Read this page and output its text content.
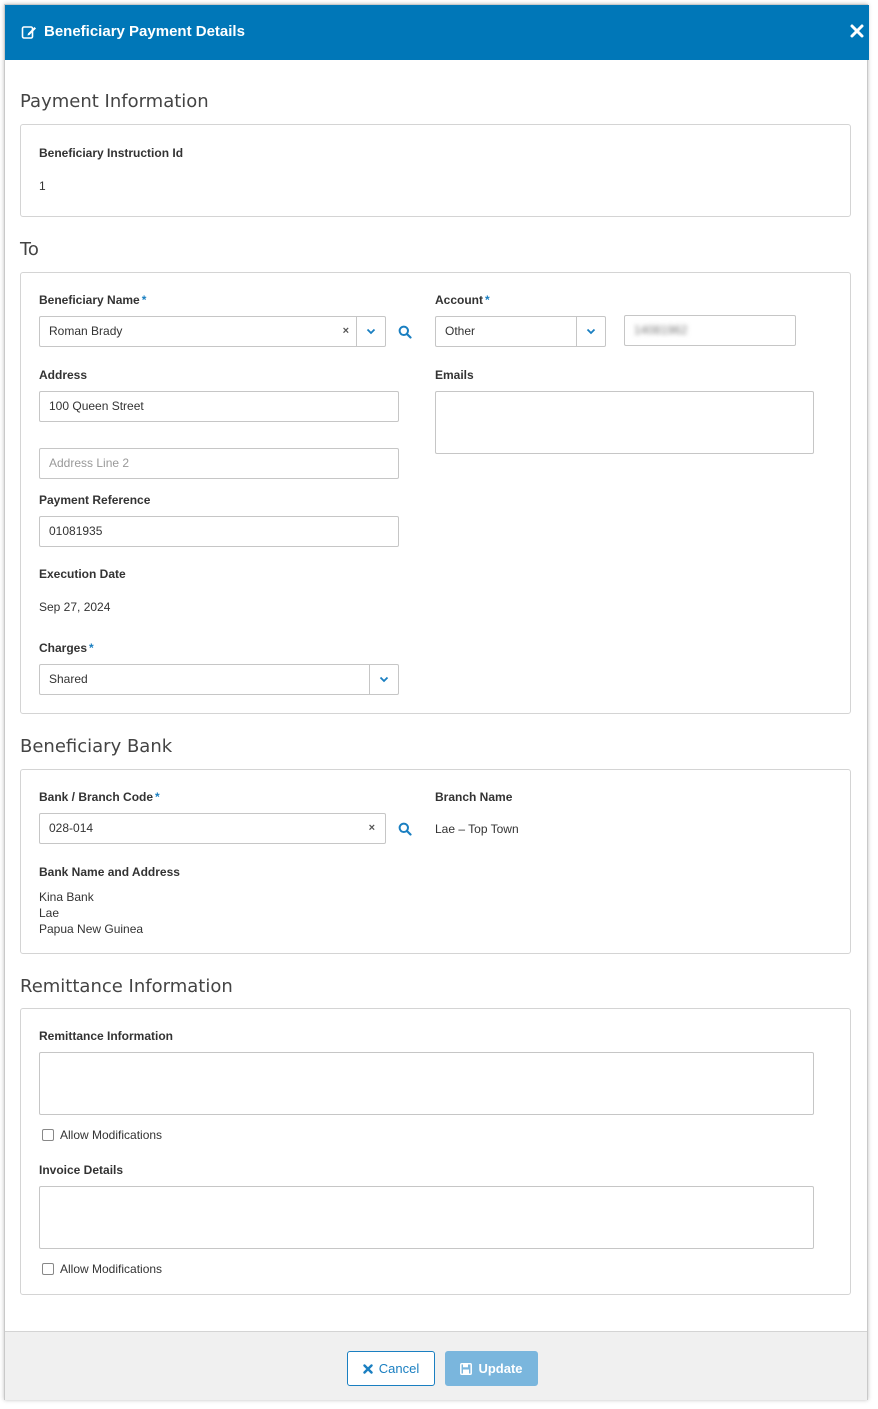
Beneficiary Payment Details
Payment Information
Beneficiary Instruction Id
1
To
Beneficiary Name *
Roman Brady	×
Account *
Other	14081962
Address
100 Queen Street
Address Line 2
Emails
Payment Reference
01081935
Execution Date
Sep 27, 2024
Charges *
Shared
Beneficiary Bank
Bank / Branch Code *
028-014	×
Branch Name
Lae – Top Town
Bank Name and Address
Kina Bank
Lae
Papua New Guinea
Remittance Information
Remittance Information
Allow Modifications
Invoice Details
Allow Modifications
Cancel	Update
